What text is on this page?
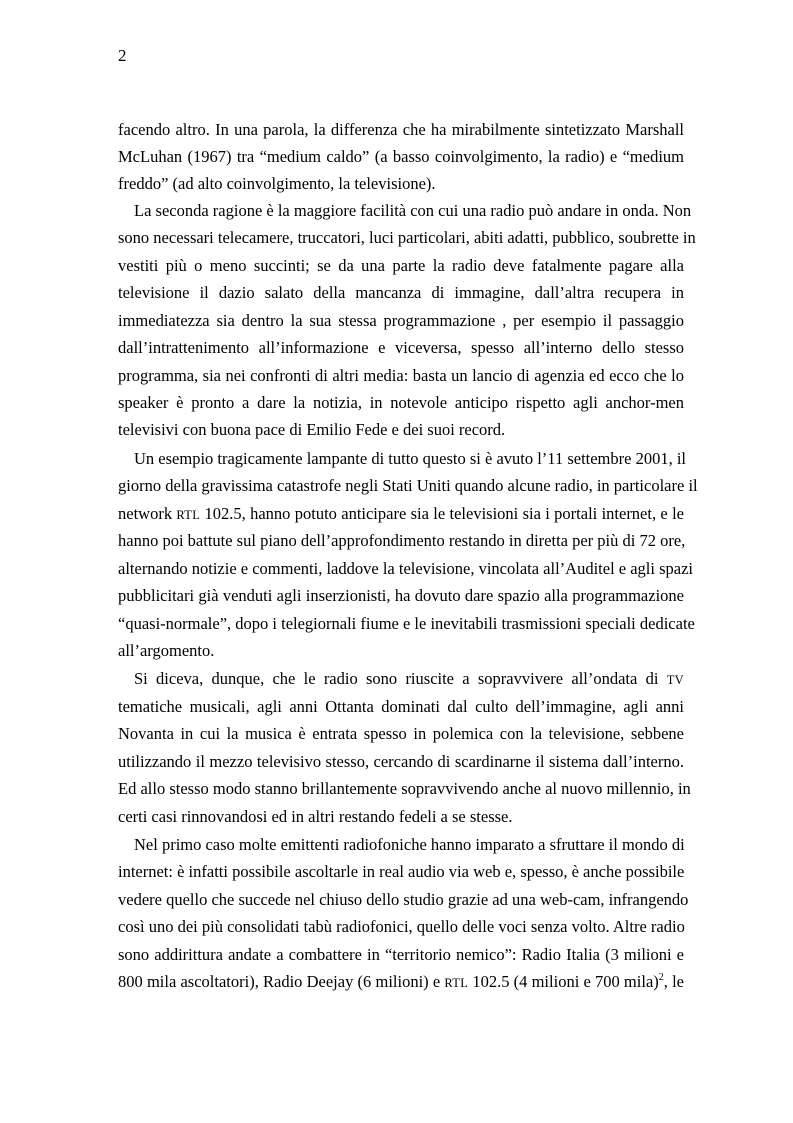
2
facendo altro. In una parola, la differenza che ha mirabilmente sintetizzato Marshall
McLuhan (1967) tra “medium caldo” (a basso coinvolgimento, la radio) e “medium
freddo” (ad alto coinvolgimento, la televisione).
La seconda ragione è la maggiore facilità con cui una radio può andare in onda. Non
sono necessari telecamere, truccatori, luci particolari, abiti adatti, pubblico, soubrette in
vestiti più o meno succinti; se da una parte la radio deve fatalmente pagare alla
televisione il dazio salato della mancanza di immagine, dall’altra recupera in
immediatezza sia dentro la sua stessa programmazione , per esempio il passaggio
dall’intrattenimento all’informazione e viceversa, spesso all’interno dello stesso
programma, sia nei confronti di altri media: basta un lancio di agenzia ed ecco che lo
speaker è pronto a dare la notizia, in notevole anticipo rispetto agli anchor-men
televisivi con buona pace di Emilio Fede e dei suoi record.
Un esempio tragicamente lampante di tutto questo si è avuto l’11 settembre 2001, il
giorno della gravissima catastrofe negli Stati Uniti quando alcune radio, in particolare il
network RTL 102.5, hanno potuto anticipare sia le televisioni sia i portali internet, e le
hanno poi battute sul piano dell’approfondimento restando in diretta per più di 72 ore,
alternando notizie e commenti, laddove la televisione, vincolata all’Auditel e agli spazi
pubblicitari già venduti agli inserzionisti, ha dovuto dare spazio alla programmazione
“quasi-normale”, dopo i telegiornali fiume e le inevitabili trasmissioni speciali dedicate
all’argomento.
Si diceva, dunque, che le radio sono riuscite a sopravvivere all’ondata di TV
tematiche musicali, agli anni Ottanta dominati dal culto dell’immagine, agli anni
Novanta in cui la musica è entrata spesso in polemica con la televisione, sebbene
utilizzando il mezzo televisivo stesso, cercando di scardinarne il sistema dall’interno.
Ed allo stesso modo stanno brillantemente sopravvivendo anche al nuovo millennio, in
certi casi rinnovandosi ed in altri restando fedeli a se stesse.
Nel primo caso molte emittenti radiofoniche hanno imparato a sfruttare il mondo di
internet: è infatti possibile ascoltarle in real audio via web e, spesso, è anche possibile
vedere quello che succede nel chiuso dello studio grazie ad una web-cam, infrangendo
così uno dei più consolidati tabù radiofonici, quello delle voci senza volto. Altre radio
sono addirittura andate a combattere in “territorio nemico”: Radio Italia (3 milioni e
800 mila ascoltatori), Radio Deejay (6 milioni) e RTL 102.5 (4 milioni e 700 mila)$^2$, le
